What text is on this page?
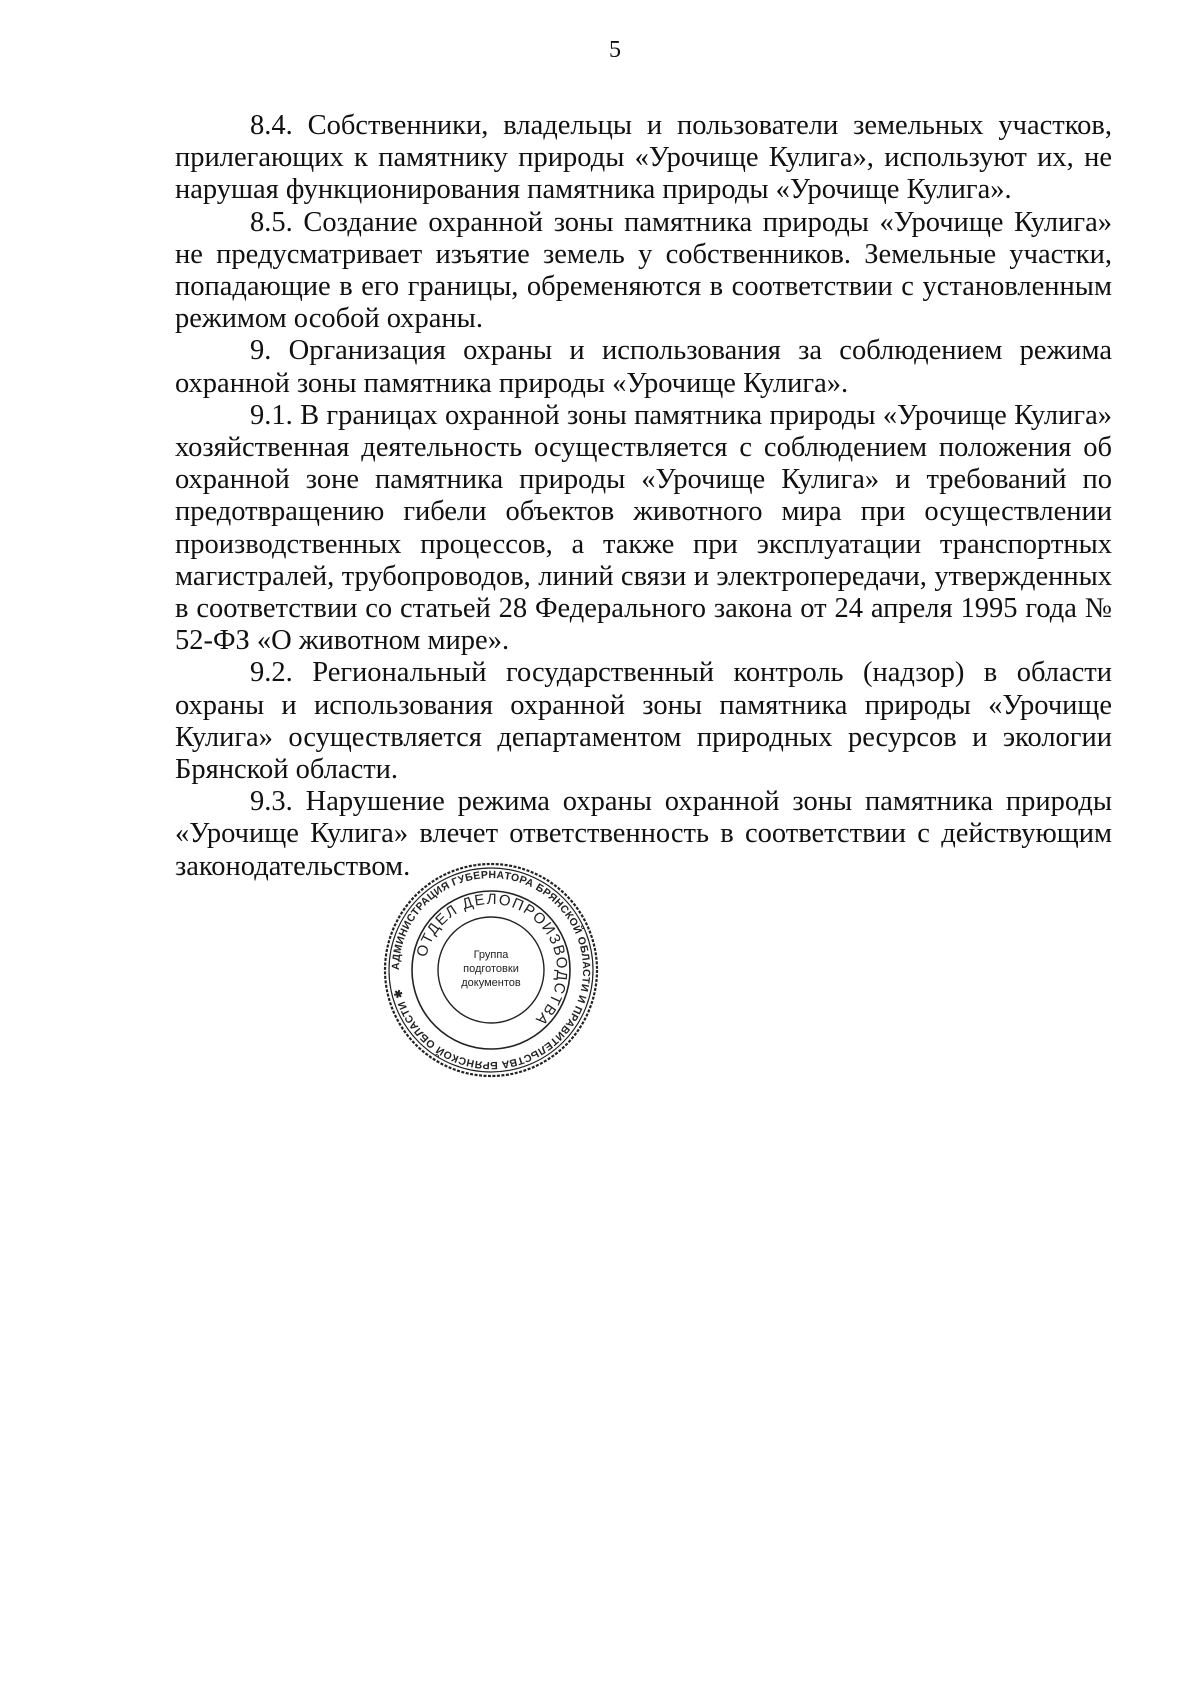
5

8.4. Собственники, владельцы и пользователи земельных участков, прилегающих к памятнику природы «Урочище Кулига», используют их, не нарушая функционирования памятника природы «Урочище Кулига».

8.5. Создание охранной зоны памятника природы «Урочище Кулига» не предусматривает изъятие земель у собственников. Земельные участки, попадающие в его границы, обременяются в соответствии с установленным режимом особой охраны.

9. Организация охраны и использования за соблюдением режима охранной зоны памятника природы «Урочище Кулига».

9.1. В границах охранной зоны памятника природы «Урочище Кулига» хозяйственная деятельность осуществляется с соблюдением положения об охранной зоне памятника природы «Урочище Кулига» и требований по предотвращению гибели объектов животного мира при осуществлении производственных процессов, а также при эксплуатации транспортных магистралей, трубопроводов, линий связи и электропередачи, утвержденных в соответствии со статьей 28 Федерального закона от 24 апреля 1995 года № 52-ФЗ «О животном мире».

9.2. Региональный государственный контроль (надзор) в области охраны и использования охранной зоны памятника природы «Урочище Кулига» осуществляется департаментом природных ресурсов и экологии Брянской области.

9.3. Нарушение режима охраны охранной зоны памятника природы «Урочище Кулига» влечет ответственность в соответствии с действующим законодательством.

АДМИНИСТРАЦИЯ ГУБЕРНАТОРА БРЯНСКОЙ ОБЛАСТИ И ПРАВИТЕЛЬСТВА БРЯНСКОЙ ОБЛАСТИ ✱
ОТДЕЛ ДЕЛОПРОИЗВОДСТВА
Группа
подготовки
документов
